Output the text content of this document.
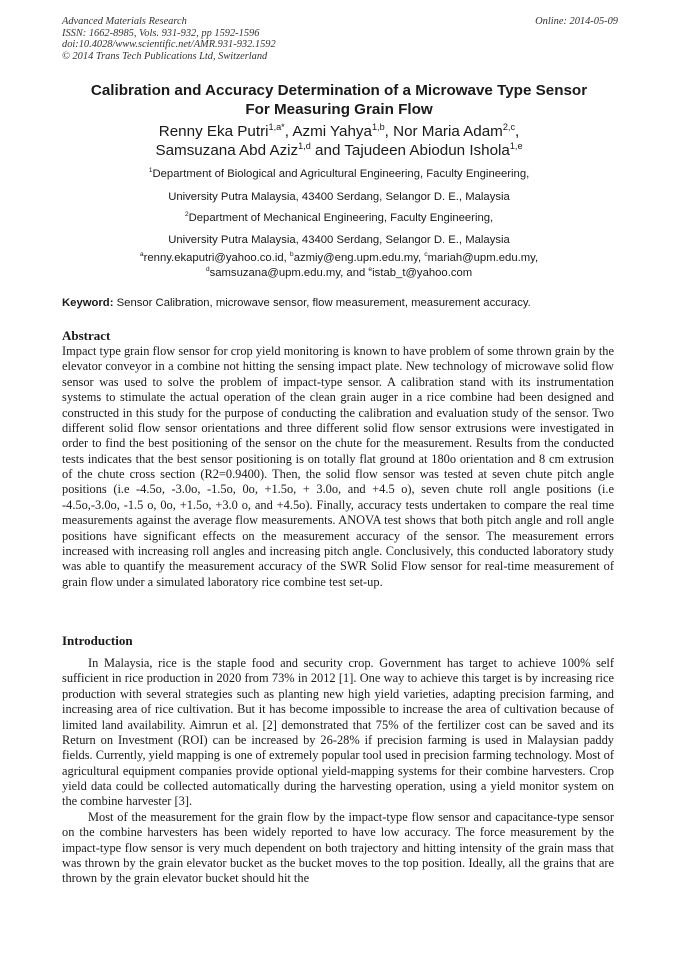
Advanced Materials Research
ISSN: 1662-8985, Vols. 931-932, pp 1592-1596
doi:10.4028/www.scientific.net/AMR.931-932.1592
© 2014 Trans Tech Publications Ltd, Switzerland
Online: 2014-05-09
Calibration and Accuracy Determination of a Microwave Type Sensor
For Measuring Grain Flow
Renny Eka Putri$^{1,a*}$, Azmi Yahya$^{1,b}$, Nor Maria Adam$^{2,c}$,
Samsuzana Abd Aziz$^{1,d}$ and Tajudeen Abiodun Ishola$^{1,e}$
$^1$Department of Biological and Agricultural Engineering, Faculty Engineering,
University Putra Malaysia, 43400 Serdang, Selangor D. E., Malaysia
$^2$Department of Mechanical Engineering, Faculty Engineering,
University Putra Malaysia, 43400 Serdang, Selangor D. E., Malaysia
$^a$renny.ekaputri@yahoo.co.id, $^b$azmiy@eng.upm.edu.my, $^c$mariah@upm.edu.my,
$^d$samsuzana@upm.edu.my, and $^e$istab_t@yahoo.com
Keyword: Sensor Calibration, microwave sensor, flow measurement, measurement accuracy.
Abstract

Impact type grain flow sensor for crop yield monitoring is known to have problem of some thrown grain by the elevator conveyor in a combine not hitting the sensing impact plate. New technology of microwave solid flow sensor was used to solve the problem of impact-type sensor. A calibration stand with its instrumentation systems to stimulate the actual operation of the clean grain auger in a rice combine had been designed and constructed in this study for the purpose of conducting the calibration and evaluation study of the sensor. Two different solid flow sensor orientations and three different solid flow sensor extrusions were investigated in order to find the best positioning of the sensor on the chute for the measurement. Results from the conducted tests indicates that the best sensor positioning is on totally flat ground at 180o orientation and 8 cm extrusion of the chute cross section (R2=0.9400). Then, the solid flow sensor was tested at seven chute pitch angle positions (i.e -4.5o, -3.0o, -1.5o, 0o, +1.5o, + 3.0o, and +4.5 o), seven chute roll angle positions (i.e -4.5o,-3.0o, -1.5 o, 0o, +1.5o, +3.0 o, and +4.5o). Finally, accuracy tests undertaken to compare the real time measurements against the average flow measurements. ANOVA test shows that both pitch angle and roll angle positions have significant effects on the measurement accuracy of the sensor. The measurement errors increased with increasing roll angles and increasing pitch angle. Conclusively, this conducted laboratory study was able to quantify the measurement accuracy of the SWR Solid Flow sensor for real-time measurement of grain flow under a simulated laboratory rice combine test set-up.

Introduction

In Malaysia, rice is the staple food and security crop. Government has target to achieve 100% self sufficient in rice production in 2020 from 73% in 2012 [1]. One way to achieve this target is by increasing rice production with several strategies such as planting new high yield varieties, adapting precision farming, and increasing area of rice cultivation. But it has become impossible to increase the area of cultivation because of limited land availability. Aimrun et al. [2] demonstrated that 75% of the fertilizer cost can be saved and its Return on Investment (ROI) can be increased by 26-28% if precision farming is used in Malaysian paddy fields. Currently, yield mapping is one of extremely popular tool used in precision farming technology. Most of agricultural equipment companies provide optional yield-mapping systems for their combine harvesters. Crop yield data could be collected automatically during the harvesting operation, using a yield monitor system on the combine harvester [3].

Most of the measurement for the grain flow by the impact-type flow sensor and capacitance-type sensor on the combine harvesters has been widely reported to have low accuracy. The force measurement by the impact-type flow sensor is very much dependent on both trajectory and hitting intensity of the grain mass that was thrown by the grain elevator bucket as the bucket moves to the top position. Ideally, all the grains that are thrown by the grain elevator bucket should hit the
